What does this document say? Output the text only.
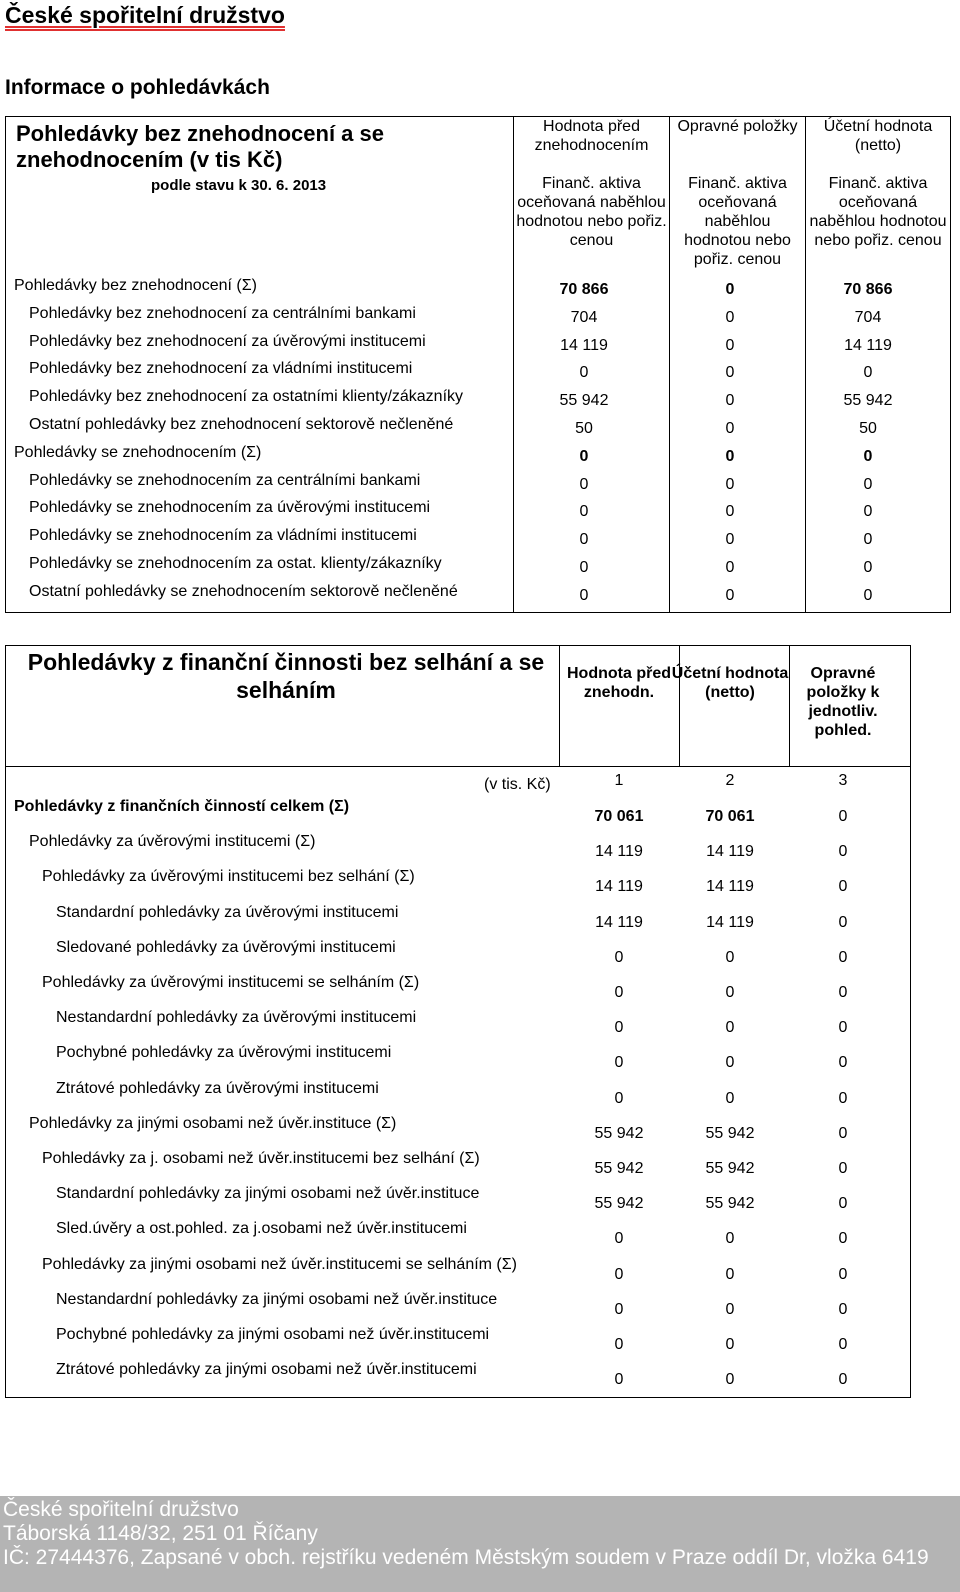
České spořitelní družstvo
Informace o pohledávkách
Pohledávky bez znehodnocení a se znehodnocením (v tis Kč)
podle stavu k 30. 6. 2013
Hodnota před znehodnocením
Finanč. aktiva oceňovaná naběhlou hodnotou nebo pořiz. cenou
Opravné položky
Finanč. aktiva oceňovaná naběhlou hodnotou nebo pořiz. cenou
Účetní hodnota (netto)
Finanč. aktiva oceňovaná naběhlou hodnotou nebo pořiz. cenou
Pohledávky bez znehodnocení (Σ)	70 866	0	70 866
Pohledávky bez znehodnocení za centrálními bankami	704	0	704
Pohledávky bez znehodnocení za úvěrovými institucemi	14 119	0	14 119
Pohledávky bez znehodnocení za vládními institucemi	0	0	0
Pohledávky bez znehodnocení za ostatními klienty/zákazníky	55 942	0	55 942
Ostatní pohledávky bez znehodnocení sektorově nečleněné	50	0	50
Pohledávky se znehodnocením (Σ)	0	0	0
Pohledávky se znehodnocením za centrálními bankami	0	0	0
Pohledávky se znehodnocením za úvěrovými institucemi	0	0	0
Pohledávky se znehodnocením za vládními institucemi	0	0	0
Pohledávky se znehodnocením za ostat. klienty/zákazníky	0	0	0
Ostatní pohledávky se znehodnocením sektorově nečleněné	0	0	0
Pohledávky z finanční činnosti bez selhání a se selháním
Hodnota před znehodn.
Účetní hodnota (netto)
Opravné položky k jednotliv. pohled.
(v tis. Kč)	1	2	3
Pohledávky z finančních činností celkem (Σ)
70 061	70 061	0
Pohledávky za úvěrovými institucemi (Σ)
14 119	14 119	0
Pohledávky za úvěrovými institucemi bez selhání (Σ)
14 119	14 119	0
Standardní pohledávky za úvěrovými institucemi
14 119	14 119	0
Sledované pohledávky za úvěrovými institucemi
0	0	0
Pohledávky za úvěrovými institucemi se selháním (Σ)
0	0	0
Nestandardní pohledávky za úvěrovými institucemi
0	0	0
Pochybné pohledávky za úvěrovými institucemi
0	0	0
Ztrátové pohledávky za úvěrovými institucemi
0	0	0
Pohledávky za jinými osobami než úvěr.instituce (Σ)
55 942	55 942	0
Pohledávky za j. osobami než úvěr.institucemi bez selhání (Σ)
55 942	55 942	0
Standardní pohledávky za jinými osobami než úvěr.instituce
55 942	55 942	0
Sled.úvěry a ost.pohled. za j.osobami než úvěr.institucemi
0	0	0
Pohledávky za jinými osobami než úvěr.institucemi se selháním (Σ)
0	0	0
Nestandardní pohledávky za jinými osobami než úvěr.instituce
0	0	0
Pochybné pohledávky za jinými osobami než úvěr.institucemi
0	0	0
Ztrátové pohledávky za jinými osobami než úvěr.institucemi
0	0	0
České spořitelní družstvo
Táborská 1148/32, 251 01 Říčany
IČ: 27444376, Zapsané v obch. rejstříku vedeném Městským soudem v Praze oddíl Dr, vložka 6419
